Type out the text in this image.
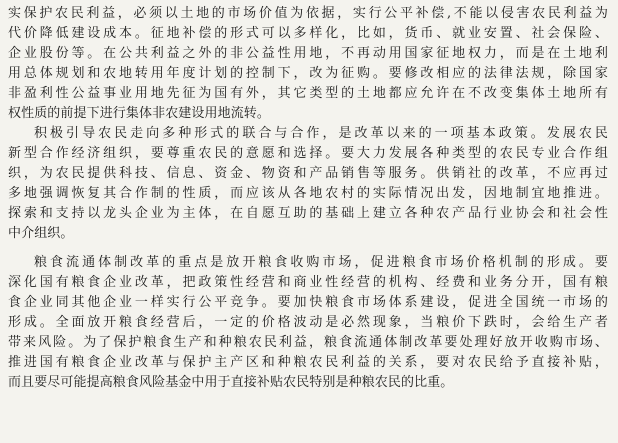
实保护农民利益，必须以土地的市场价值为依据，实行公平补偿,不能以侵害农民利益为
代价降低建设成本。征地补偿的形式可以多样化，比如，货币、就业安置、社会保险、
企业股份等。在公共利益之外的非公益性用地，不再动用国家征地权力，而是在土地利
用总体规划和农地转用年度计划的控制下，改为征购。要修改相应的法律法规，除国家
非盈利性公益事业用地先征为国有外，其它类型的土地都应允许在不改变集体土地所有
权性质的前提下进行集体非农建设用地流转。
积极引导农民走向多种形式的联合与合作，是改革以来的一项基本政策。发展农民
新型合作经济组织，要尊重农民的意愿和选择。要大力发展各种类型的农民专业合作组
织，为农民提供科技、信息、资金、物资和产品销售等服务。供销社的改革，不应再过
多地强调恢复其合作制的性质，而应该从各地农村的实际情况出发，因地制宜地推进。
探索和支持以龙头企业为主体，在自愿互助的基础上建立各种农产品行业协会和社会性
中介组织。
粮食流通体制改革的重点是放开粮食收购市场，促进粮食市场价格机制的形成。要
深化国有粮食企业改革，把政策性经营和商业性经营的机构、经费和业务分开，国有粮
食企业同其他企业一样实行公平竞争。要加快粮食市场体系建设，促进全国统一市场的
形成。全面放开粮食经营后，一定的价格波动是必然现象，当粮价下跌时，会给生产者
带来风险。为了保护粮食生产和种粮农民利益，粮食流通体制改革要处理好放开收购市场、
推进国有粮食企业改革与保护主产区和种粮农民利益的关系，要对农民给予直接补贴，
而且要尽可能提高粮食风险基金中用于直接补贴农民特别是种粮农民的比重。
